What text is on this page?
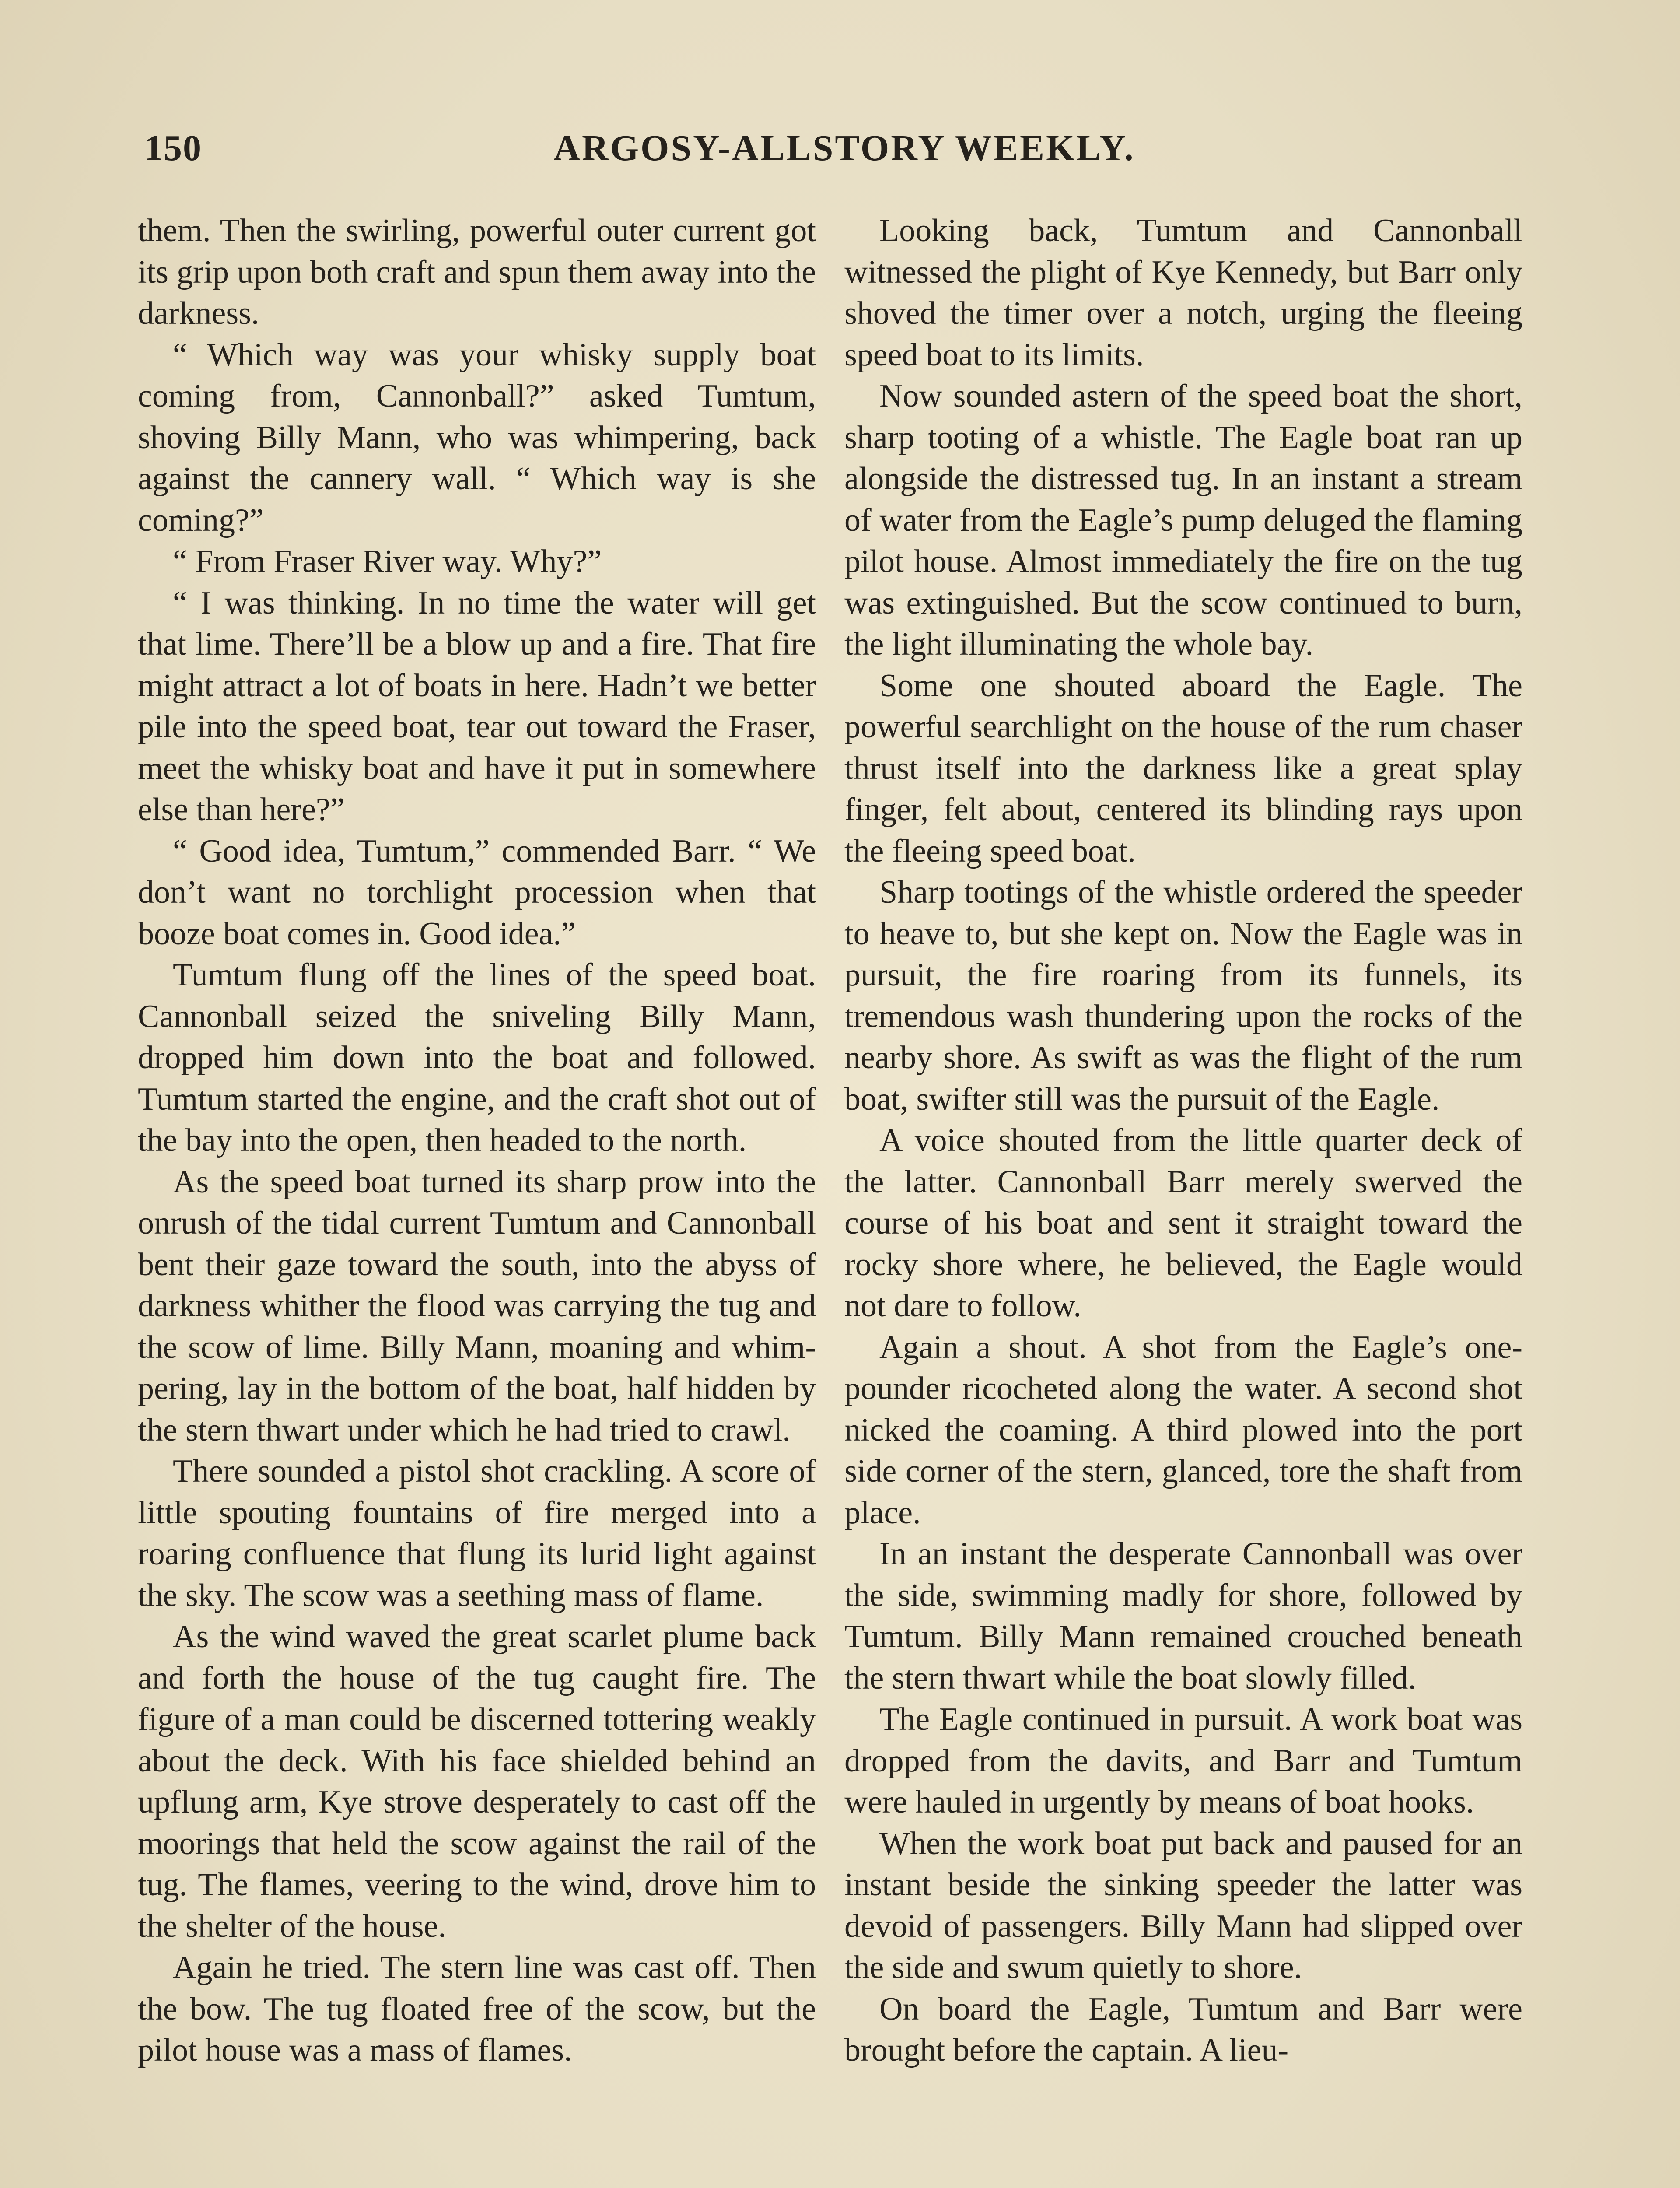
150	ARGOSY-ALLSTORY WEEKLY.

them. Then the swirling, powerful outer current got its grip upon both craft and spun them away into the darkness.

“ Which way was your whisky supply boat coming from, Cannonball?” asked Tumtum, shoving Billy Mann, who was whimpering, back against the cannery wall. “ Which way is she coming?”

“ From Fraser River way. Why?”

“ I was thinking. In no time the water will get that lime. There’ll be a blow up and a fire. That fire might attract a lot of boats in here. Hadn’t we better pile into the speed boat, tear out toward the Fraser, meet the whisky boat and have it put in somewhere else than here?”

“ Good idea, Tumtum,” commended Barr. “ We don’t want no torchlight procession when that booze boat comes in. Good idea.”

Tumtum flung off the lines of the speed boat. Cannonball seized the sniveling Billy Mann, dropped him down into the boat and followed. Tumtum started the engine, and the craft shot out of the bay into the open, then headed to the north.

As the speed boat turned its sharp prow into the onrush of the tidal current Tumtum and Cannonball bent their gaze toward the south, into the abyss of darkness whither the flood was carrying the tug and the scow of lime. Billy Mann, moaning and whimpering, lay in the bottom of the boat, half hidden by the stern thwart under which he had tried to crawl.

There sounded a pistol shot crackling. A score of little spouting fountains of fire merged into a roaring confluence that flung its lurid light against the sky. The scow was a seething mass of flame.

As the wind waved the great scarlet plume back and forth the house of the tug caught fire. The figure of a man could be discerned tottering weakly about the deck. With his face shielded behind an upflung arm, Kye strove desperately to cast off the moorings that held the scow against the rail of the tug. The flames, veering to the wind, drove him to the shelter of the house.

Again he tried. The stern line was cast off. Then the bow. The tug floated free of the scow, but the pilot house was a mass of flames.

Looking back, Tumtum and Cannonball witnessed the plight of Kye Kennedy, but Barr only shoved the timer over a notch, urging the fleeing speed boat to its limits.

Now sounded astern of the speed boat the short, sharp tooting of a whistle. The Eagle boat ran up alongside the distressed tug. In an instant a stream of water from the Eagle’s pump deluged the flaming pilot house. Almost immediately the fire on the tug was extinguished. But the scow continued to burn, the light illuminating the whole bay.

Some one shouted aboard the Eagle. The powerful searchlight on the house of the rum chaser thrust itself into the darkness like a great splay finger, felt about, centered its blinding rays upon the fleeing speed boat.

Sharp tootings of the whistle ordered the speeder to heave to, but she kept on. Now the Eagle was in pursuit, the fire roaring from its funnels, its tremendous wash thundering upon the rocks of the nearby shore. As swift as was the flight of the rum boat, swifter still was the pursuit of the Eagle.

A voice shouted from the little quarter deck of the latter. Cannonball Barr merely swerved the course of his boat and sent it straight toward the rocky shore where, he believed, the Eagle would not dare to follow.

Again a shout. A shot from the Eagle’s one-pounder ricocheted along the water. A second shot nicked the coaming. A third plowed into the port side corner of the stern, glanced, tore the shaft from place.

In an instant the desperate Cannonball was over the side, swimming madly for shore, followed by Tumtum. Billy Mann remained crouched beneath the stern thwart while the boat slowly filled.

The Eagle continued in pursuit. A work boat was dropped from the davits, and Barr and Tumtum were hauled in urgently by means of boat hooks.

When the work boat put back and paused for an instant beside the sinking speeder the latter was devoid of passengers. Billy Mann had slipped over the side and swum quietly to shore.

On board the Eagle, Tumtum and Barr were brought before the captain. A lieu-
